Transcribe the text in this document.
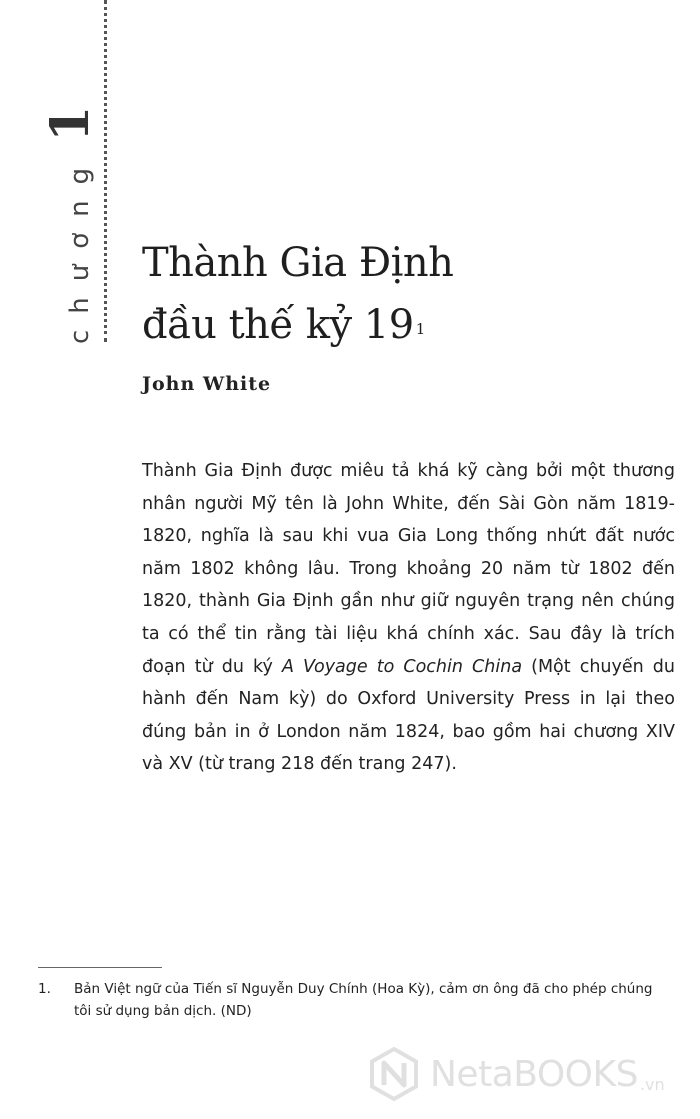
chương
1
Thành Gia Định
đầu thế kỷ 19 $^1$
John White

Thành Gia Định được miêu tả khá kỹ càng bởi một thương nhân người Mỹ tên là John White, đến Sài Gòn năm 1819-1820, nghĩa là sau khi vua Gia Long thống nhứt đất nước năm 1802 không lâu. Trong khoảng 20 năm từ 1802 đến 1820, thành Gia Định gần như giữ nguyên trạng nên chúng ta có thể tin rằng tài liệu khá chính xác. Sau đây là trích đoạn từ du ký A Voyage to Cochin China (Một chuyến du hành đến Nam kỳ) do Oxford University Press in lại theo đúng bản in ở London năm 1824, bao gồm hai chương XIV và XV (từ trang 218 đến trang 247).

1.	Bản Việt ngữ của Tiến sĩ Nguyễn Duy Chính (Hoa Kỳ), cảm ơn ông đã cho phép chúng tôi sử dụng bản dịch. (ND)
NetaBOOKS .vn
